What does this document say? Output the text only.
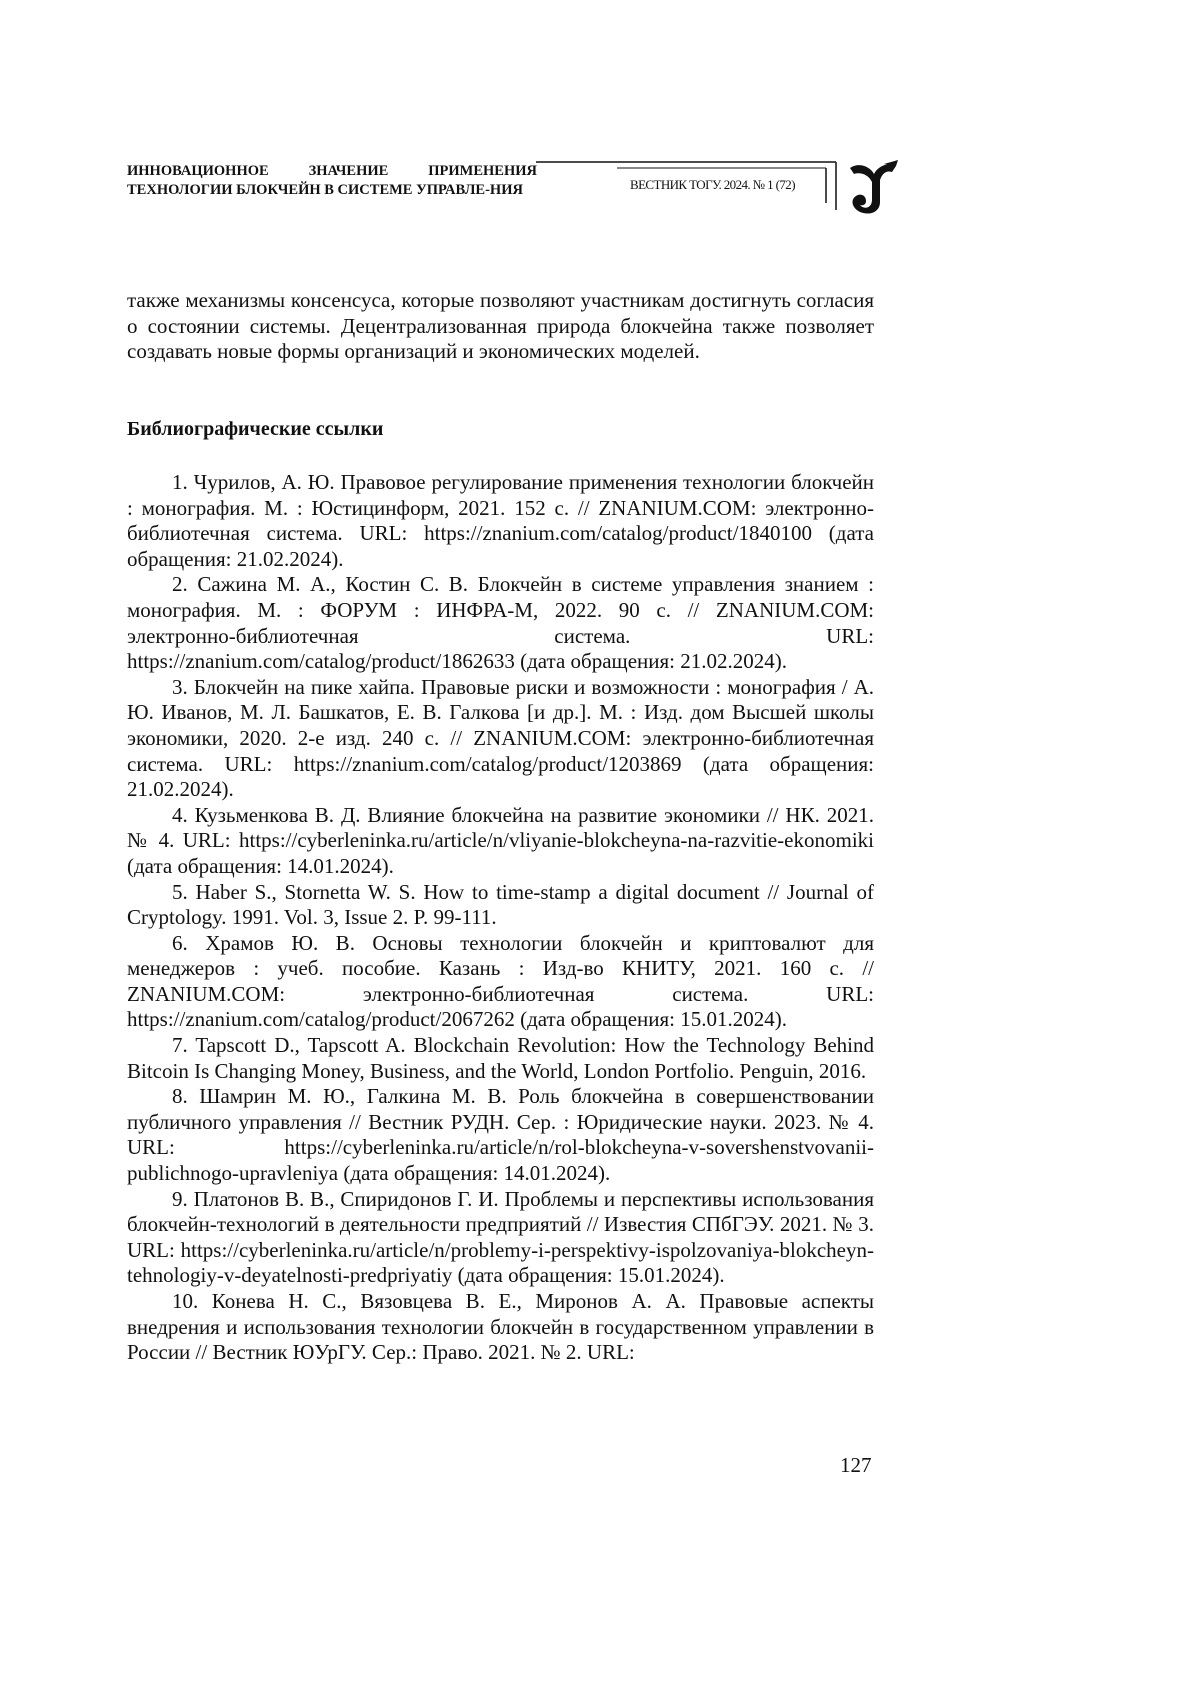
ИННОВАЦИОННОЕ ЗНАЧЕНИЕ ПРИМЕНЕНИЯ ТЕХНОЛОГИИ БЛОКЧЕЙН В СИСТЕМЕ УПРАВЛЕ-НИЯ	ВЕСТНИК ТОГУ. 2024. № 1 (72)
также механизмы консенсуса, которые позволяют участникам достигнуть согласия о состоянии системы. Децентрализованная природа блокчейна также позволяет создавать новые формы организаций и экономических моделей.
Библиографические ссылки
1. Чурилов, А. Ю. Правовое регулирование применения технологии блокчейн : монография. М. : Юстицинформ, 2021. 152 с. // ZNANIUM.COM: электронно-библиотечная система. URL: https://znanium.com/catalog/product/1840100 (дата обращения: 21.02.2024).
2. Сажина М. А., Костин С. В. Блокчейн в системе управления знанием : монография. М. : ФОРУМ : ИНФРА-М, 2022. 90 с. // ZNANIUM.COM: электронно-библиотечная система. URL: https://znanium.com/catalog/product/1862633 (дата обращения: 21.02.2024).
3. Блокчейн на пике хайпа. Правовые риски и возможности : монография / А. Ю. Иванов, М. Л. Башкатов, Е. В. Галкова [и др.]. М. : Изд. дом Высшей школы экономики, 2020. 2-е изд. 240 с. // ZNANIUM.COM: электронно-библиотечная система. URL: https://znanium.com/catalog/product/1203869 (дата обращения: 21.02.2024).
4. Кузьменкова В. Д. Влияние блокчейна на развитие экономики // НК. 2021. № 4. URL: https://cyberleninka.ru/article/n/vliyanie-blokcheyna-na-razvitie-ekonomiki (дата обращения: 14.01.2024).
5. Haber S., Stornetta W. S. How to time-stamp a digital document // Journal of Cryptology. 1991. Vol. 3, Issue 2. P. 99-111.
6. Храмов Ю. В. Основы технологии блокчейн и криптовалют для менеджеров : учеб. пособие. Казань : Изд-во КНИТУ, 2021. 160 с. // ZNANIUM.COM: электронно-библиотечная система. URL: https://znanium.com/catalog/product/2067262 (дата обращения: 15.01.2024).
7. Tapscott D., Tapscott A. Blockchain Revolution: How the Technology Behind Bitcoin Is Changing Money, Business, and the World, London Portfolio. Penguin, 2016.
8. Шамрин М. Ю., Галкина М. В. Роль блокчейна в совершенствовании публичного управления // Вестник РУДН. Сер. : Юридические науки. 2023. № 4. URL: https://cyberleninka.ru/article/n/rol-blokcheyna-v-sovershenstvovanii-publichnogo-upravleniya (дата обращения: 14.01.2024).
9. Платонов В. В., Спиридонов Г. И. Проблемы и перспективы использования блокчейн-технологий в деятельности предприятий // Известия СПбГЭУ. 2021. № 3. URL: https://cyberleninka.ru/article/n/problemy-i-perspektivy-ispolzovaniya-blokcheyn-tehnologiy-v-deyatelnosti-predpriyatiy (дата обращения: 15.01.2024).
10. Конева Н. С., Вязовцева В. Е., Миронов А. А. Правовые аспекты внедрения и использования технологии блокчейн в государственном управлении в России // Вестник ЮУрГУ. Сер.: Право. 2021. № 2. URL:
127
